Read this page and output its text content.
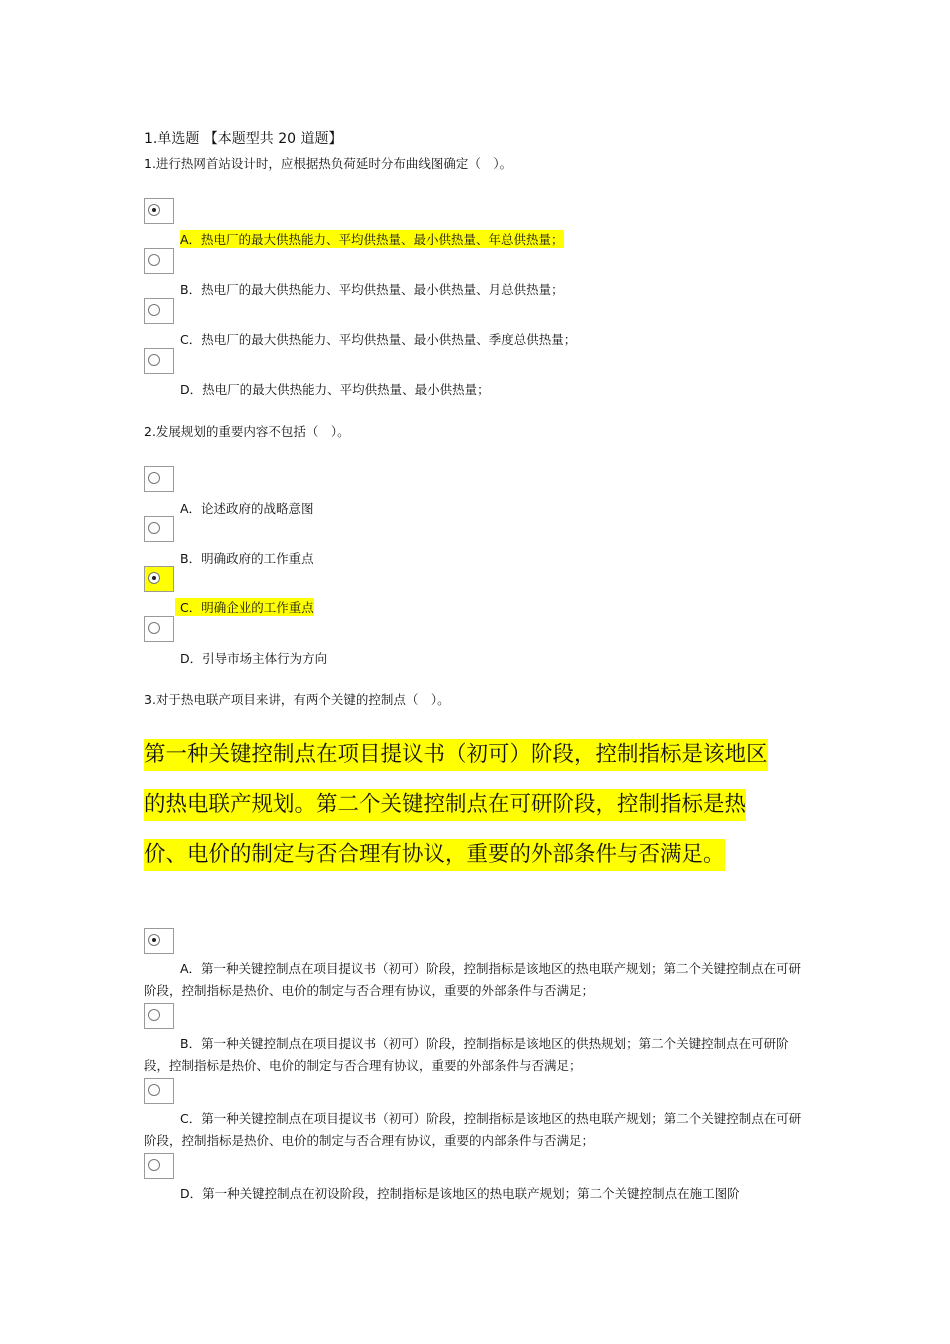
1.单选题 【本题型共 20 道题】
1.进行热网首站设计时，应根据热负荷延时分布曲线图确定（　）。
A．热电厂的最大供热能力、平均供热量、最小供热量、年总供热量；
B．热电厂的最大供热能力、平均供热量、最小供热量、月总供热量；
C．热电厂的最大供热能力、平均供热量、最小供热量、季度总供热量；
D．热电厂的最大供热能力、平均供热量、最小供热量；
2.发展规划的重要内容不包括（　）。
A．论述政府的战略意图
B．明确政府的工作重点
C．明确企业的工作重点
D．引导市场主体行为方向
3.对于热电联产项目来讲，有两个关键的控制点（　）。
第一种关键控制点在项目提议书（初可）阶段，控制指标是该地区
的热电联产规划。第二个关键控制点在可研阶段，控制指标是热
价、电价的制定与否合理有协议，重要的外部条件与否满足。
A．第一种关键控制点在项目提议书（初可）阶段，控制指标是该地区的热电联产规划；第二个关键控制点在可研阶段，控制指标是热价、电价的制定与否合理有协议，重要的外部条件与否满足；
B．第一种关键控制点在项目提议书（初可）阶段，控制指标是该地区的供热规划；第二个关键控制点在可研阶段，控制指标是热价、电价的制定与否合理有协议，重要的外部条件与否满足；
C．第一种关键控制点在项目提议书（初可）阶段，控制指标是该地区的热电联产规划；第二个关键控制点在可研阶段，控制指标是热价、电价的制定与否合理有协议，重要的内部条件与否满足；
D．第一种关键控制点在初设阶段，控制指标是该地区的热电联产规划；第二个关键控制点在施工图阶
